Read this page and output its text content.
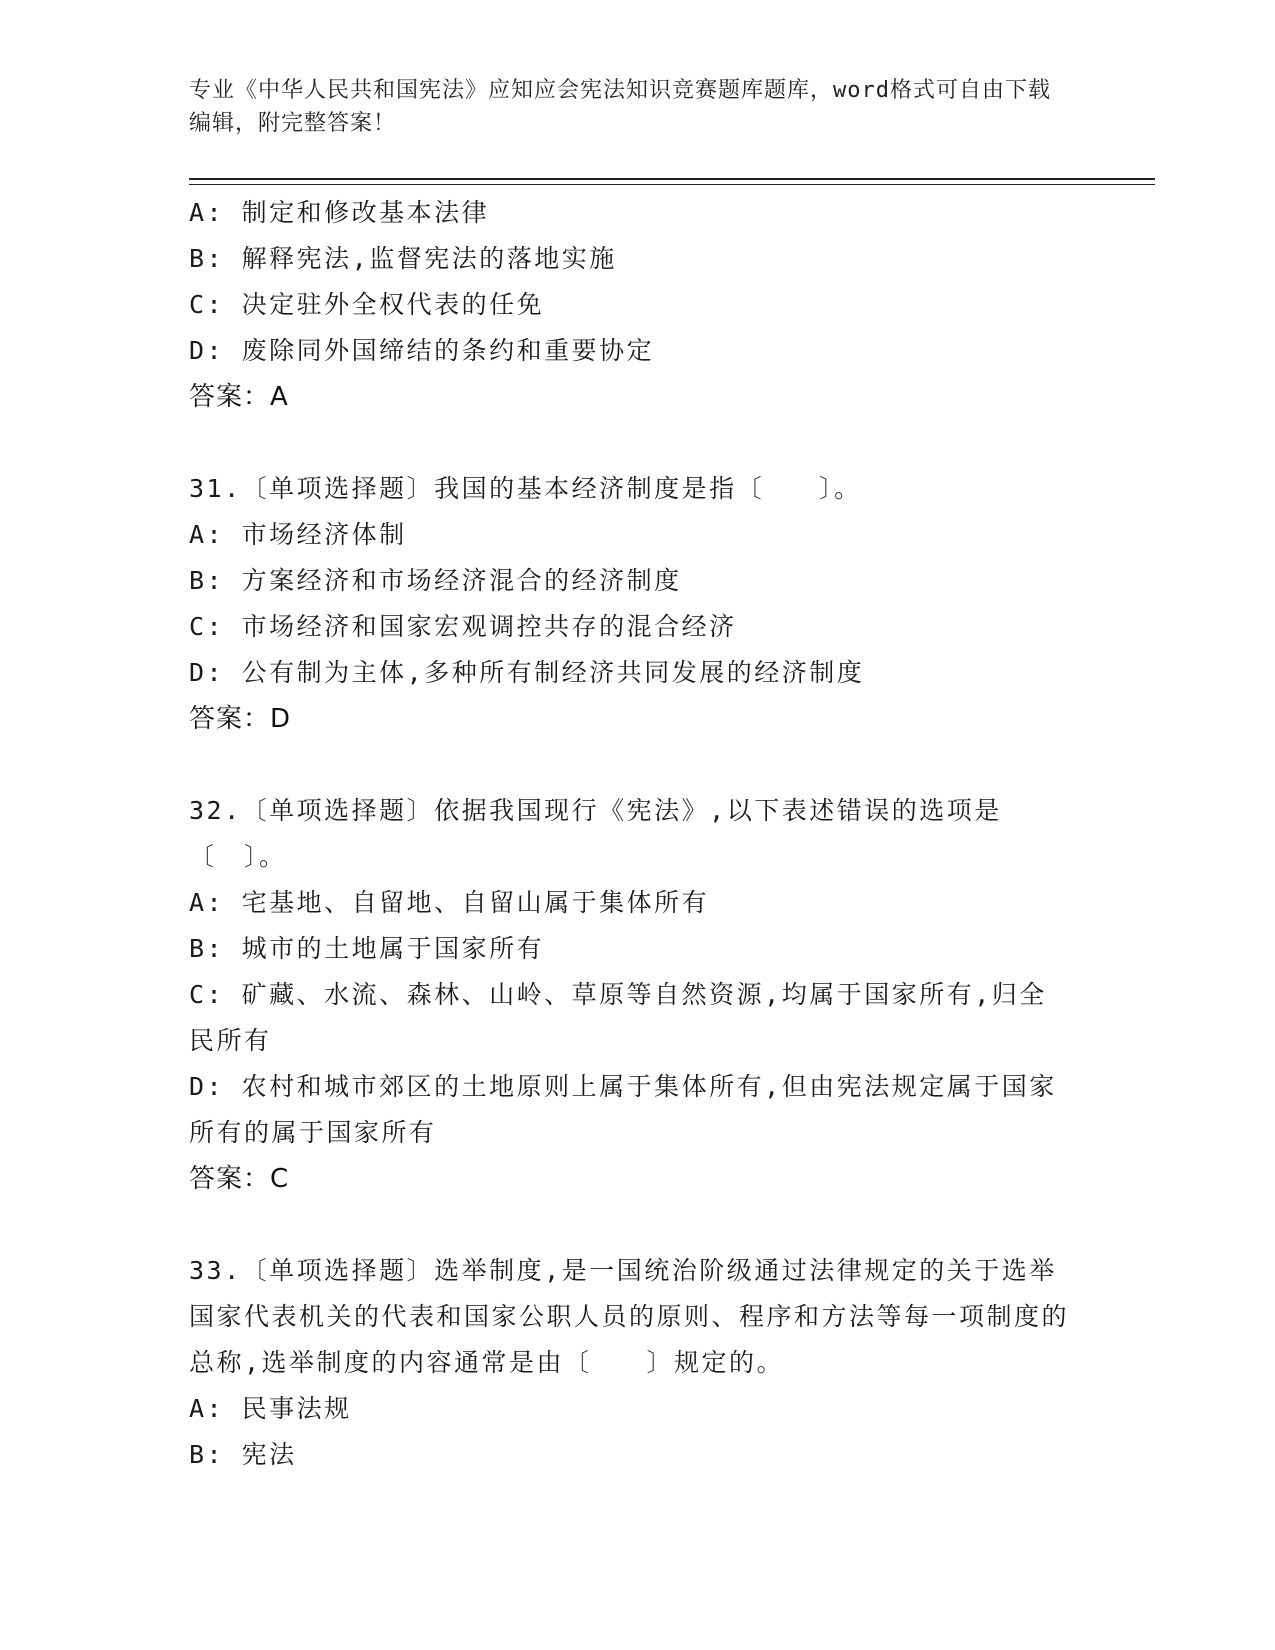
专业《中华人民共和国宪法》应知应会宪法知识竞赛题库题库，word格式可自由下载编辑，附完整答案！

A: 制定和修改基本法律

B: 解释宪法,监督宪法的落地实施

C: 决定驻外全权代表的任免

D: 废除同外国缔结的条约和重要协定

答案：A

31.〔单项选择题〕我国的基本经济制度是指〔　　〕。

A: 市场经济体制

B: 方案经济和市场经济混合的经济制度

C: 市场经济和国家宏观调控共存的混合经济

D: 公有制为主体,多种所有制经济共同发展的经济制度

答案：D

32.〔单项选择题〕依据我国现行《宪法》,以下表述错误的选项是〔　〕。

A: 宅基地、自留地、自留山属于集体所有

B: 城市的土地属于国家所有

C: 矿藏、水流、森林、山岭、草原等自然资源,均属于国家所有,归全民所有

D: 农村和城市郊区的土地原则上属于集体所有,但由宪法规定属于国家所有的属于国家所有

答案：C

33.〔单项选择题〕选举制度,是一国统治阶级通过法律规定的关于选举国家代表机关的代表和国家公职人员的原则、程序和方法等每一项制度的总称,选举制度的内容通常是由〔　　〕规定的。

A: 民事法规

B: 宪法
